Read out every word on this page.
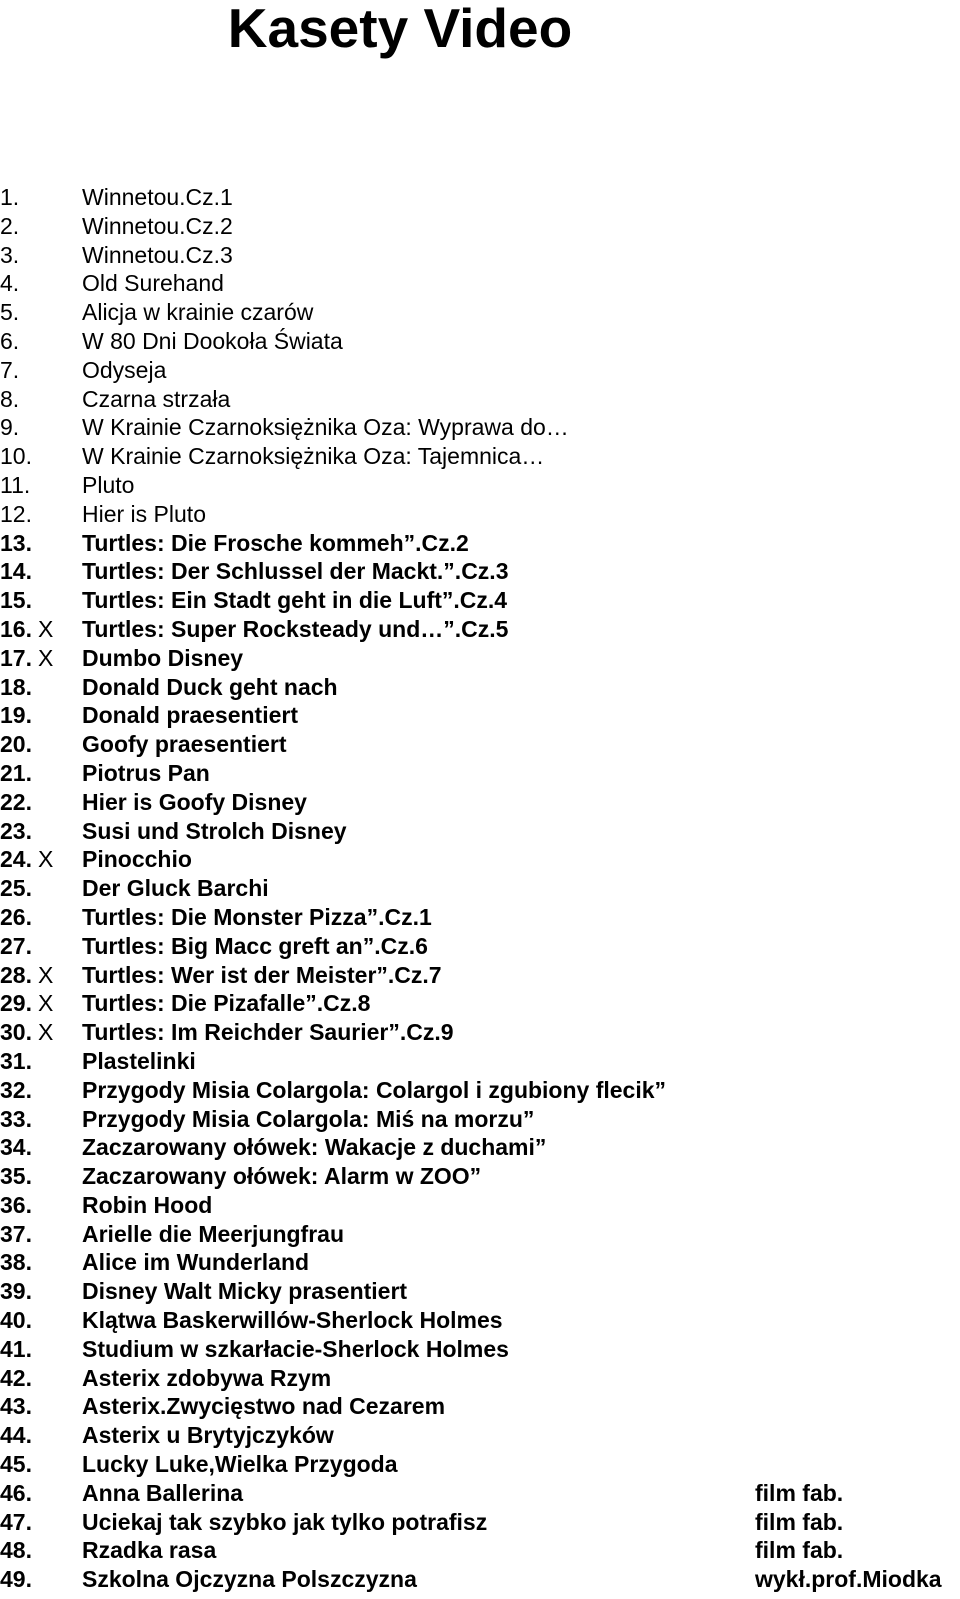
Kasety Video
1.	Winnetou.Cz.1
2.	Winnetou.Cz.2
3.	Winnetou.Cz.3
4.	Old Surehand
5.	Alicja w krainie czarów
6.	W 80 Dni Dookoła Świata
7.	Odyseja
8.	Czarna strzała
9.	W Krainie Czarnoksiężnika Oza: Wyprawa do…
10. W Krainie Czarnoksiężnika Oza: Tajemnica…
11. Pluto
12. Hier is Pluto
13. Turtles: Die Frosche kommeh”.Cz.2
14. Turtles: Der Schlussel der Mackt.”.Cz.3
15. Turtles: Ein Stadt geht in die Luft”.Cz.4
16. X Turtles: Super Rocksteady und…”.Cz.5
17. X Dumbo Disney
18. Donald Duck geht nach
19. Donald praesentiert
20. Goofy praesentiert
21. Piotrus Pan
22. Hier is Goofy Disney
23. Susi und Strolch Disney
24. X Pinocchio
25. Der Gluck Barchi
26. Turtles: Die Monster Pizza”.Cz.1
27. Turtles: Big Macc greft an”.Cz.6
28. X Turtles: Wer ist der Meister”.Cz.7
29. X Turtles: Die Pizafalle”.Cz.8
30. X Turtles: Im Reichder Saurier”.Cz.9
31. Plastelinki
32. Przygody Misia Colargola: Colargol i zgubiony flecik”
33. Przygody Misia Colargola: Miś na morzu”
34. Zaczarowany ołówek: Wakacje z duchami”
35. Zaczarowany ołówek: Alarm w ZOO”
36. Robin Hood
37. Arielle die Meerjungfrau
38. Alice im Wunderland
39. Disney Walt Micky prasentiert
40. Klątwa Baskerwillów-Sherlock Holmes
41. Studium w szkarłacie-Sherlock Holmes
42. Asterix zdobywa Rzym
43. Asterix.Zwycięstwo nad Cezarem
44. Asterix u Brytyjczyków
45. Lucky Luke,Wielka Przygoda
46. Anna Ballerina	film fab.
47. Uciekaj tak szybko jak tylko potrafisz	film fab.
48. Rzadka rasa	film fab.
49. Szkolna Ojczyzna Polszczyzna	wykł.prof.Miodka
